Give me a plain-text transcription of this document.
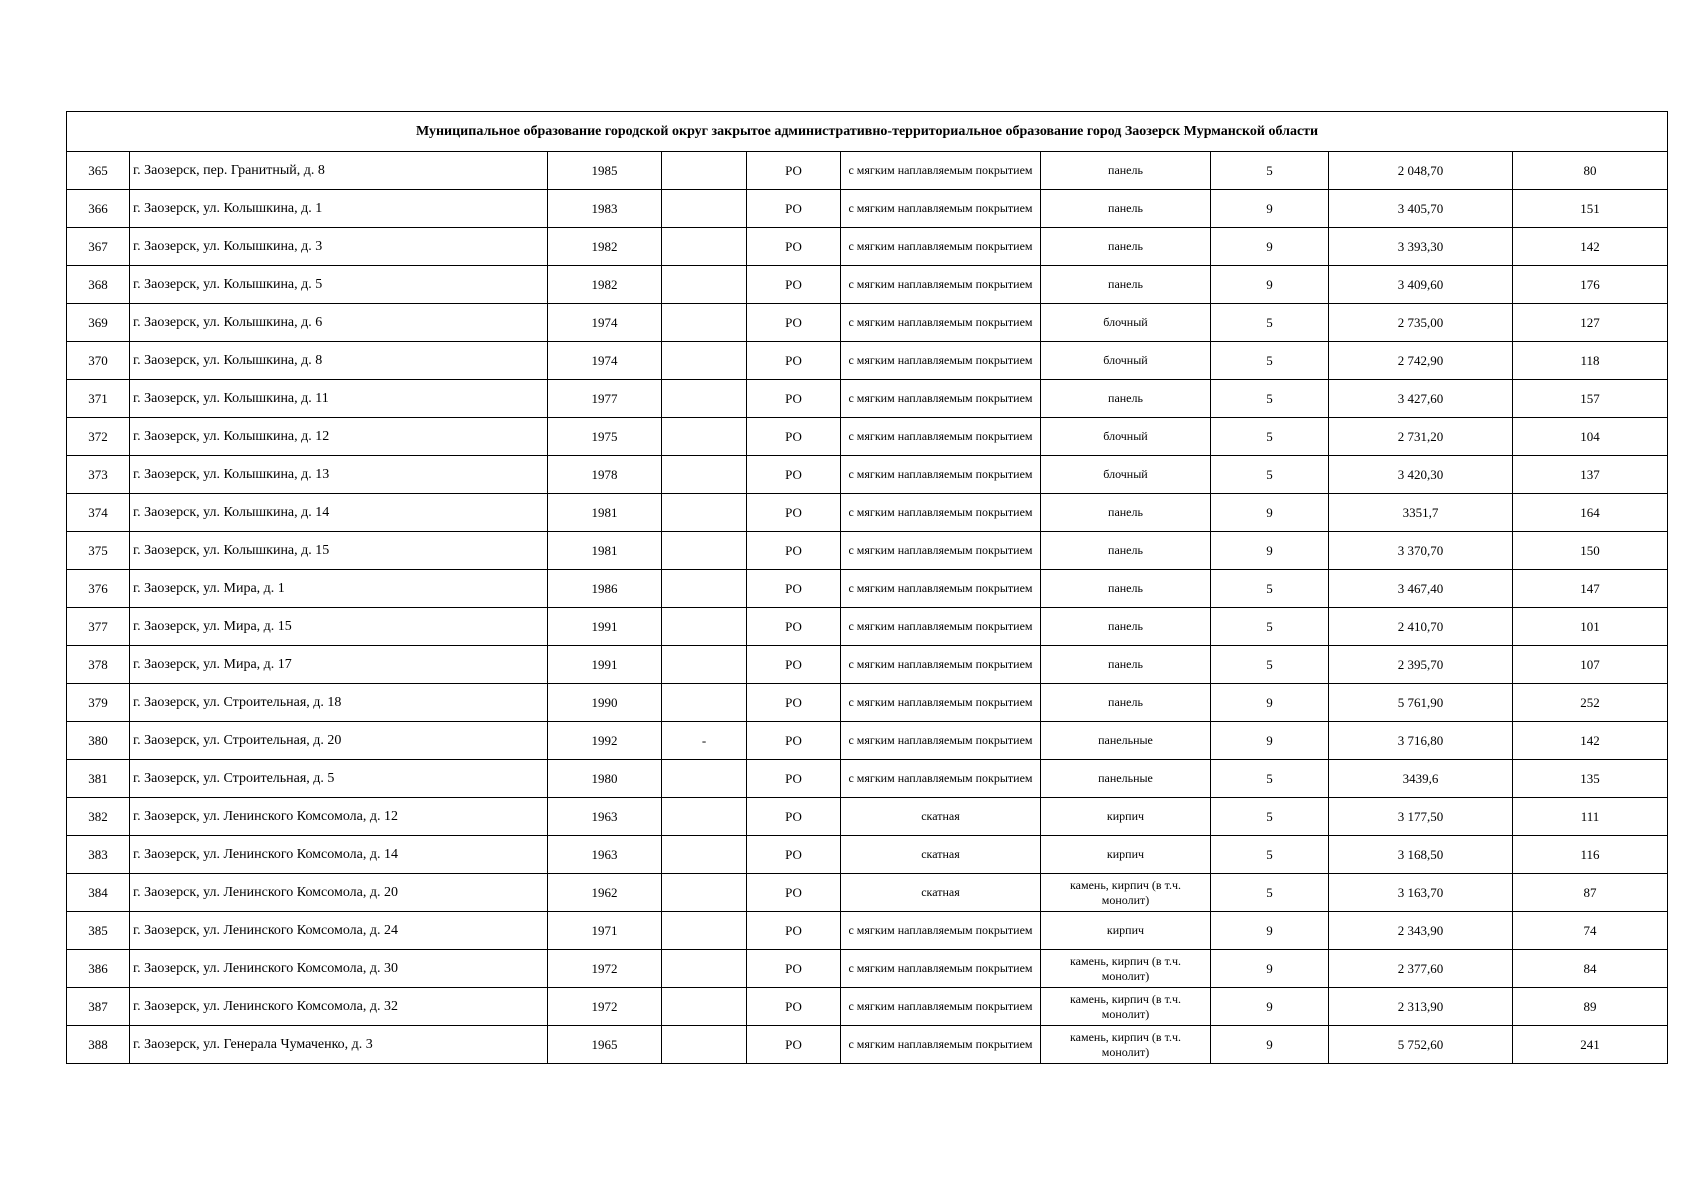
Муниципальное образование городской округ закрытое административно-территориальное образование город Заозерск Мурманской области									
365	г. Заозерск, пер. Гранитный, д. 8	1985		РО	с мягким наплавляемым покрытием	панель	5	2 048,70	80
366	г. Заозерск, ул. Колышкина, д. 1	1983		РО	с мягким наплавляемым покрытием	панель	9	3 405,70	151
367	г. Заозерск, ул. Колышкина, д. 3	1982		РО	с мягким наплавляемым покрытием	панель	9	3 393,30	142
368	г. Заозерск, ул. Колышкина, д. 5	1982		РО	с мягким наплавляемым покрытием	панель	9	3 409,60	176
369	г. Заозерск, ул. Колышкина, д. 6	1974		РО	с мягким наплавляемым покрытием	блочный	5	2 735,00	127
370	г. Заозерск, ул. Колышкина, д. 8	1974		РО	с мягким наплавляемым покрытием	блочный	5	2 742,90	118
371	г. Заозерск, ул. Колышкина, д. 11	1977		РО	с мягким наплавляемым покрытием	панель	5	3 427,60	157
372	г. Заозерск, ул. Колышкина, д. 12	1975		РО	с мягким наплавляемым покрытием	блочный	5	2 731,20	104
373	г. Заозерск, ул. Колышкина, д. 13	1978		РО	с мягким наплавляемым покрытием	блочный	5	3 420,30	137
374	г. Заозерск, ул. Колышкина, д. 14	1981		РО	с мягким наплавляемым покрытием	панель	9	3351,7	164
375	г. Заозерск, ул. Колышкина, д. 15	1981		РО	с мягким наплавляемым покрытием	панель	9	3 370,70	150
376	г. Заозерск, ул. Мира, д. 1	1986		РО	с мягким наплавляемым покрытием	панель	5	3 467,40	147
377	г. Заозерск, ул. Мира, д. 15	1991		РО	с мягким наплавляемым покрытием	панель	5	2 410,70	101
378	г. Заозерск, ул. Мира, д. 17	1991		РО	с мягким наплавляемым покрытием	панель	5	2 395,70	107
379	г. Заозерск, ул. Строительная, д. 18	1990		РО	с мягким наплавляемым покрытием	панель	9	5 761,90	252
380	г. Заозерск, ул. Строительная, д. 20	1992	-	РО	с мягким наплавляемым покрытием	панельные	9	3 716,80	142
381	г. Заозерск, ул. Строительная, д. 5	1980		РО	с мягким наплавляемым покрытием	панельные	5	3439,6	135
382	г. Заозерск, ул. Ленинского Комсомола, д. 12	1963		РО	скатная	кирпич	5	3 177,50	111
383	г. Заозерск, ул. Ленинского Комсомола, д. 14	1963		РО	скатная	кирпич	5	3 168,50	116
384	г. Заозерск, ул. Ленинского Комсомола, д. 20	1962		РО	скатная	камень, кирпич (в т.ч. монолит)	5	3 163,70	87
385	г. Заозерск, ул. Ленинского Комсомола, д. 24	1971		РО	с мягким наплавляемым покрытием	кирпич	9	2 343,90	74
386	г. Заозерск, ул. Ленинского Комсомола, д. 30	1972		РО	с мягким наплавляемым покрытием	камень, кирпич (в т.ч. монолит)	9	2 377,60	84
387	г. Заозерск, ул. Ленинского Комсомола, д. 32	1972		РО	с мягким наплавляемым покрытием	камень, кирпич (в т.ч. монолит)	9	2 313,90	89
388	г. Заозерск, ул. Генерала Чумаченко, д. 3	1965		РО	с мягким наплавляемым покрытием	камень, кирпич (в т.ч. монолит)	9	5 752,60	241
